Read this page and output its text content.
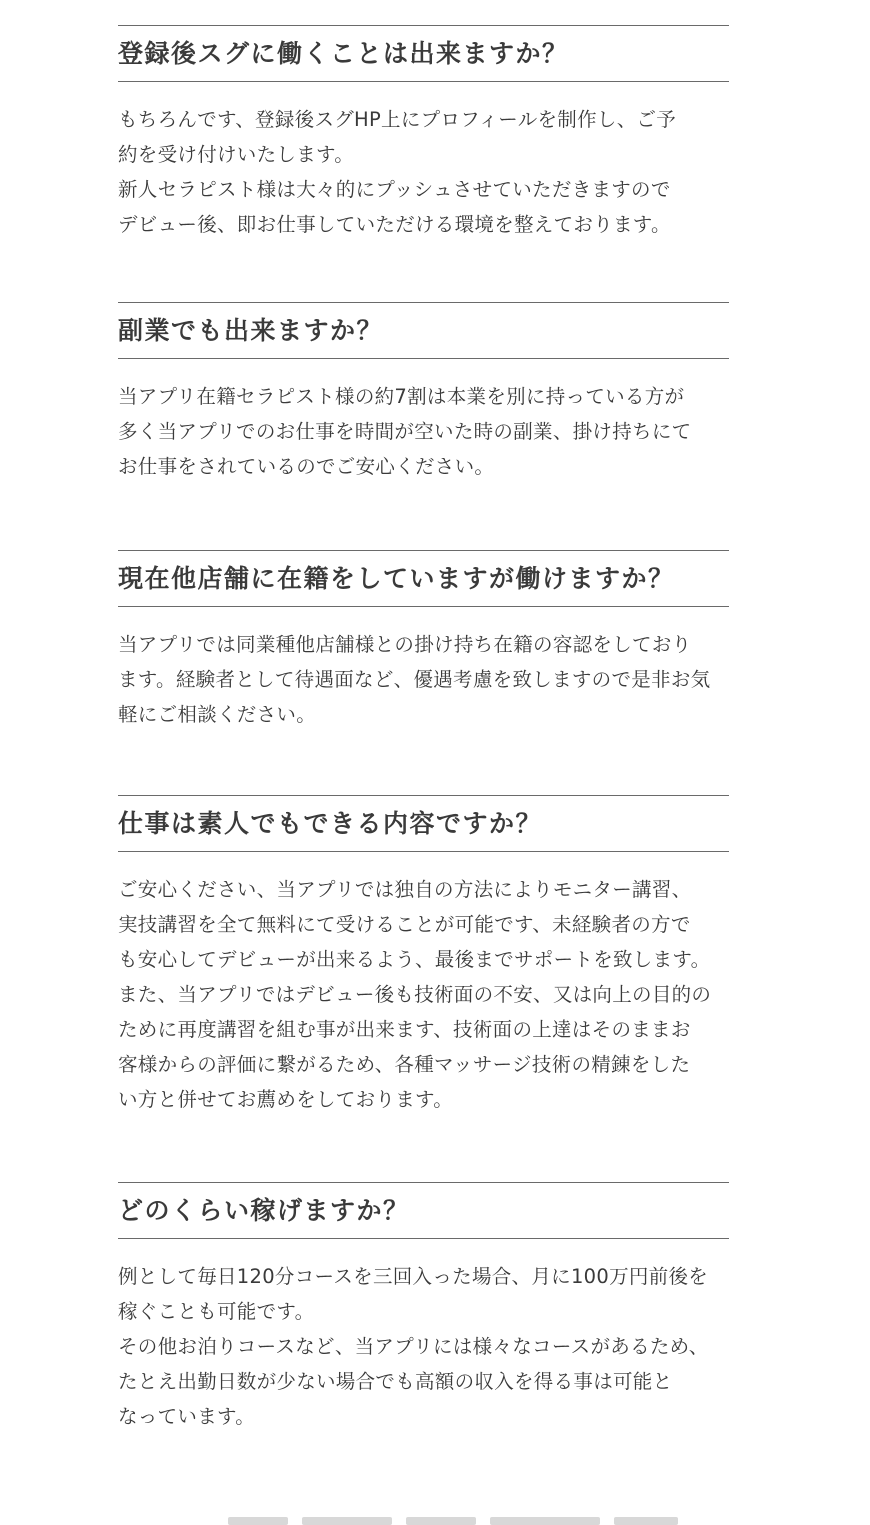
登録後スグに働くことは出来ますか？
もちろんです、登録後スグHP上にプロフィールを制作し、ご予
約を受け付けいたします。
新人セラピスト様は大々的にプッシュさせていただきますので
デビュー後、即お仕事していただける環境を整えております。
副業でも出来ますか？
当アプリ在籍セラピスト様の約7割は本業を別に持っている方が
多く当アプリでのお仕事を時間が空いた時の副業、掛け持ちにて
お仕事をされているのでご安心ください。
現在他店舗に在籍をしていますが働けますか？
当アプリでは同業種他店舗様との掛け持ち在籍の容認をしており
ます。経験者として待遇面など、優遇考慮を致しますので是非お気
軽にご相談ください。
仕事は素人でもできる内容ですか？
ご安心ください、当アプリでは独自の方法によりモニター講習、
実技講習を全て無料にて受けることが可能です、未経験者の方で
も安心してデビューが出来るよう、最後までサポートを致します。
また、当アプリではデビュー後も技術面の不安、又は向上の目的の
ために再度講習を組む事が出来ます、技術面の上達はそのままお
客様からの評価に繋がるため、各種マッサージ技術の精錬をした
い方と併せてお薦めをしております。
どのくらい稼げますか？
例として毎日120分コースを三回入った場合、月に100万円前後を
稼ぐことも可能です。
その他お泊りコースなど、当アプリには様々なコースがあるため、
たとえ出勤日数が少ない場合でも高額の収入を得る事は可能と
なっています。
